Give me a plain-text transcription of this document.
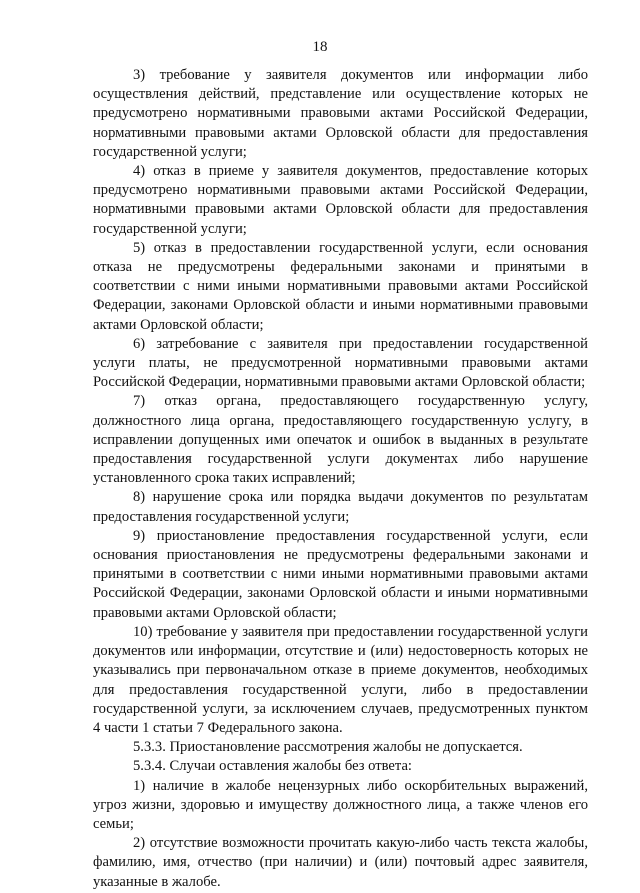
18

3) требование у заявителя документов или информации либо осуществления действий, представление или осуществление которых не предусмотрено нормативными правовыми актами Российской Федерации, нормативными правовыми актами Орловской области для предоставления государственной услуги;

4) отказ в приеме у заявителя документов, предоставление которых предусмотрено нормативными правовыми актами Российской Федерации, нормативными правовыми актами Орловской области для предоставления государственной услуги;

5) отказ в предоставлении государственной услуги, если основания отказа не предусмотрены федеральными законами и принятыми в соответствии с ними иными нормативными правовыми актами Российской Федерации, законами Орловской области и иными нормативными правовыми актами Орловской области;

6) затребование с заявителя при предоставлении государственной услуги платы, не предусмотренной нормативными правовыми актами Российской Федерации, нормативными правовыми актами Орловской области;

7) отказ органа, предоставляющего государственную услугу, должностного лица органа, предоставляющего государственную услугу, в исправлении допущенных ими опечаток и ошибок в выданных в результате предоставления государственной услуги документах либо нарушение установленного срока таких исправлений;

8) нарушение срока или порядка выдачи документов по результатам предоставления государственной услуги;

9) приостановление предоставления государственной услуги, если основания приостановления не предусмотрены федеральными законами и принятыми в соответствии с ними иными нормативными правовыми актами Российской Федерации, законами Орловской области и иными нормативными правовыми актами Орловской области;

10) требование у заявителя при предоставлении государственной услуги документов или информации, отсутствие и (или) недостоверность которых не указывались при первоначальном отказе в приеме документов, необходимых для предоставления государственной услуги, либо в предоставлении государственной услуги, за исключением случаев, предусмотренных пунктом 4 части 1 статьи 7 Федерального закона.

5.3.3. Приостановление рассмотрения жалобы не допускается.

5.3.4. Случаи оставления жалобы без ответа:

1) наличие в жалобе нецензурных либо оскорбительных выражений, угроз жизни, здоровью и имуществу должностного лица, а также членов его семьи;

2) отсутствие возможности прочитать какую-либо часть текста жалобы, фамилию, имя, отчество (при наличии) и (или) почтовый адрес заявителя, указанные в жалобе.
